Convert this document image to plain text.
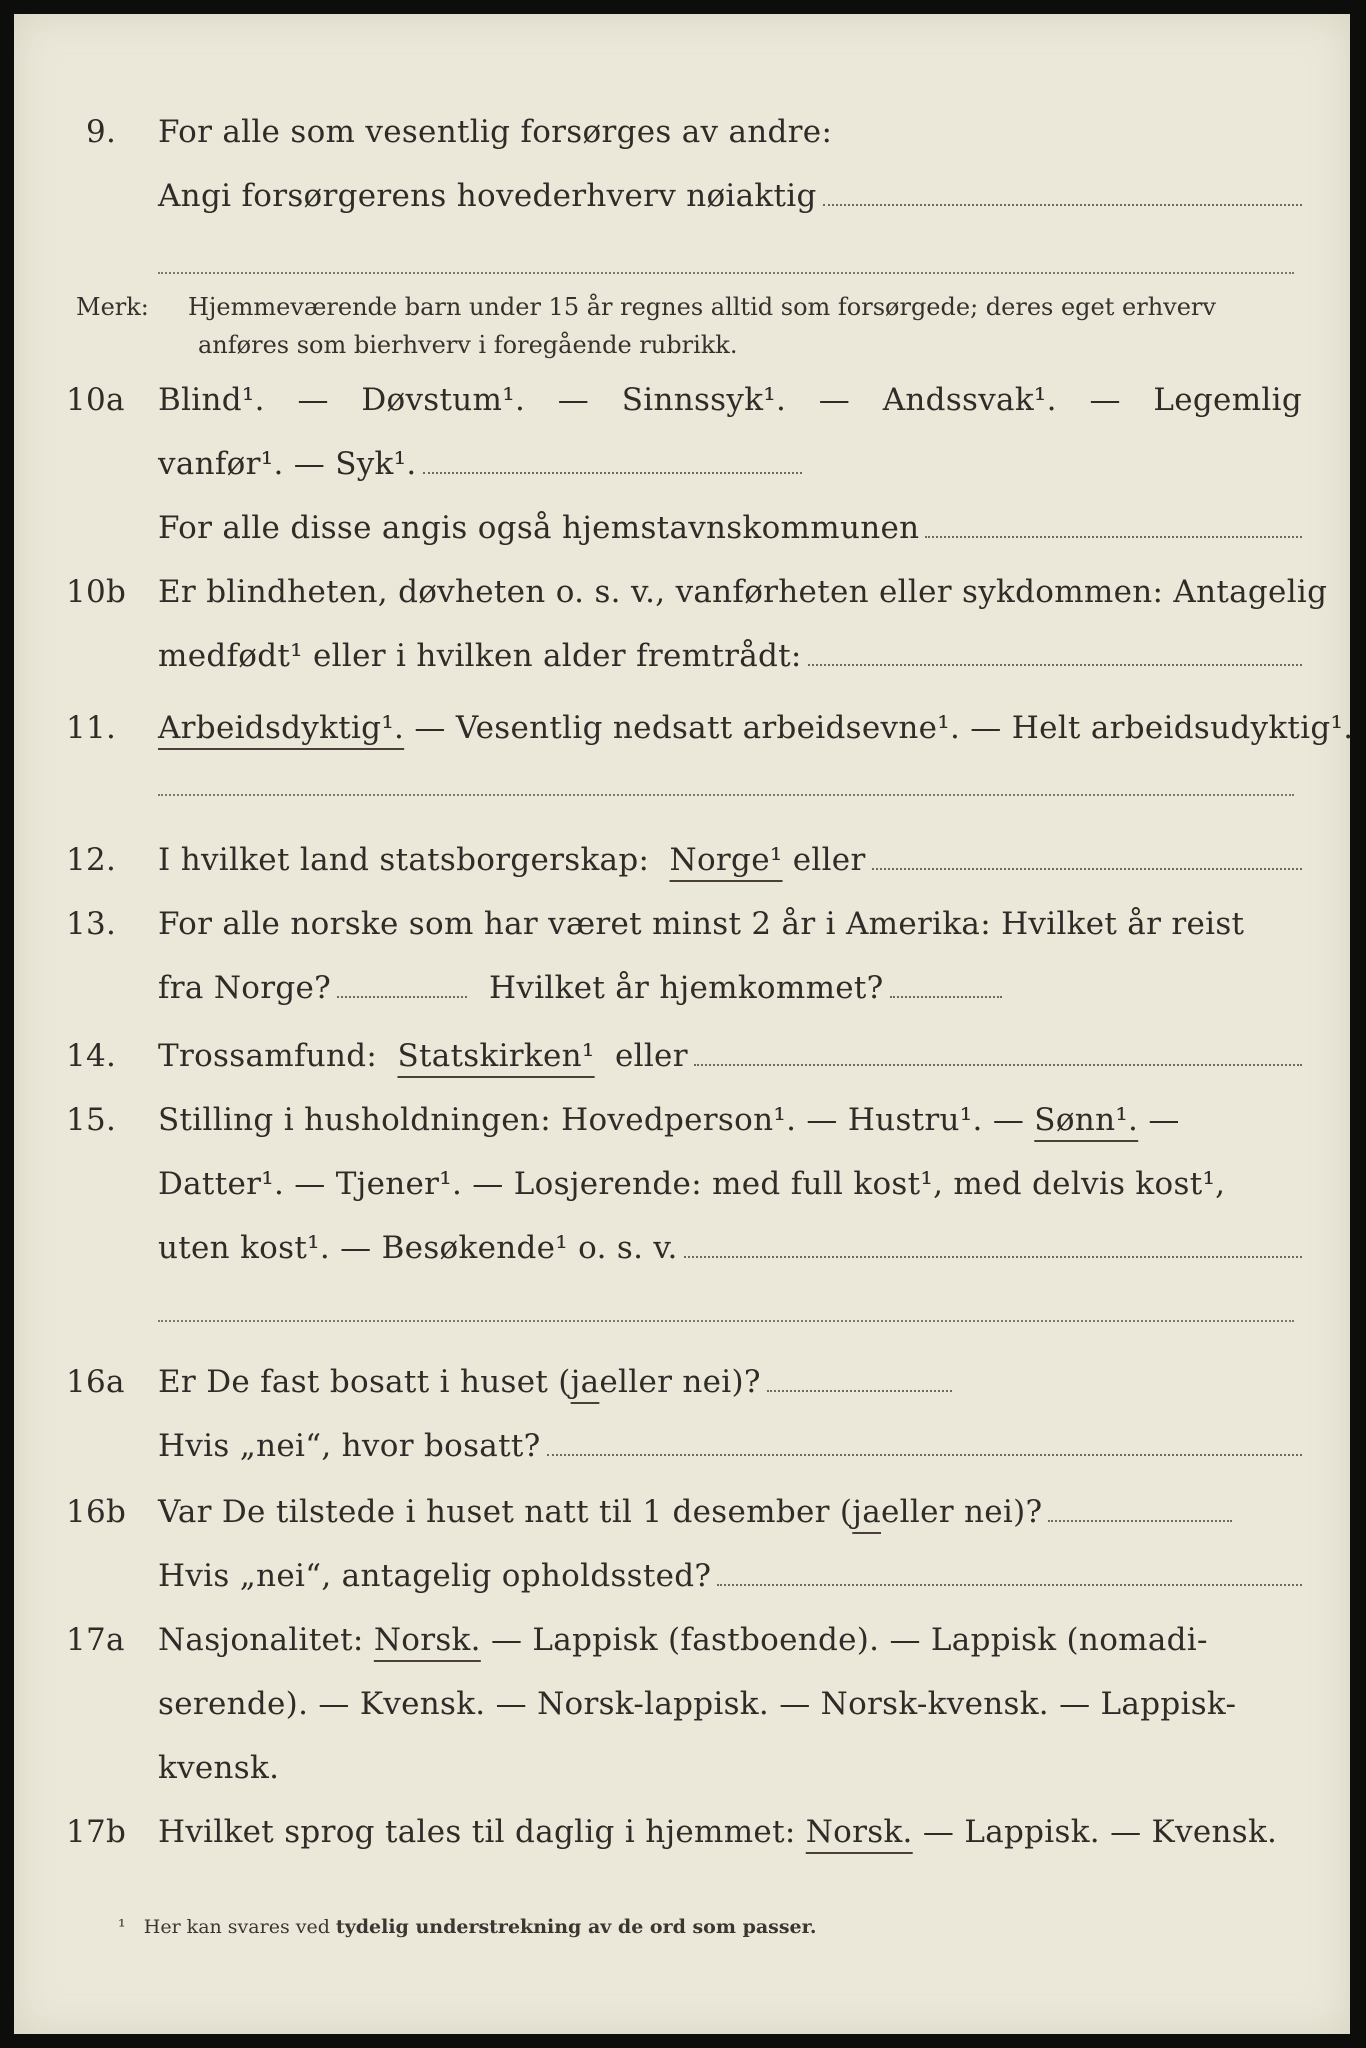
9.	For alle som vesentlig forsørges av andre:
Angi forsørgerens hovederhverv nøiaktig
Merk: Hjemmeværende barn under 15 år regnes alltid som forsørgede; deres eget erhverv
anføres som bierhverv i foregående rubrikk.
10a	Blind¹. — Døvstum¹. — Sinnssyk¹. — Andssvak¹. — Legemlig
vanfør¹. — Syk¹.
For alle disse angis også hjemstavnskommunen
10b	Er blindheten, døvheten o. s. v., vanførheten eller sykdommen: Antagelig
medfødt¹ eller i hvilken alder fremtrådt:
11.	Arbeidsdyktig¹. — Vesentlig nedsatt arbeidsevne¹. — Helt arbeidsudyktig¹.
12.	I hvilket land statsborgerskap:
Norge¹
eller
13.	For alle norske som har været minst 2 år i Amerika: Hvilket år reist
fra Norge?	Hvilket år hjemkommet?
14.	Trossamfund:
Statskirken¹
eller
15.	Stilling i husholdningen: Hovedperson¹. — Hustru¹. — Sønn¹. —
Datter¹. — Tjener¹. — Losjerende: med full kost¹, med delvis kost¹,
uten kost¹. — Besøkende¹ o. s. v.
16a	Er De fast bosatt i huset ( ja eller nei)?
Hvis „nei“, hvor bosatt?
16b	Var De tilstede i huset natt til 1 desember ( ja eller nei)?
Hvis „nei“, antagelig opholdssted?
17a	Nasjonalitet: Norsk. — Lappisk (fastboende). — Lappisk (nomadi-
serende). — Kvensk. — Norsk-lappisk. — Norsk-kvensk. — Lappisk-
kvensk.
17b	Hvilket sprog tales til daglig i hjemmet: Norsk. — Lappisk. — Kvensk.
¹ Her kan svares ved tydelig understrekning av de ord som passer.
